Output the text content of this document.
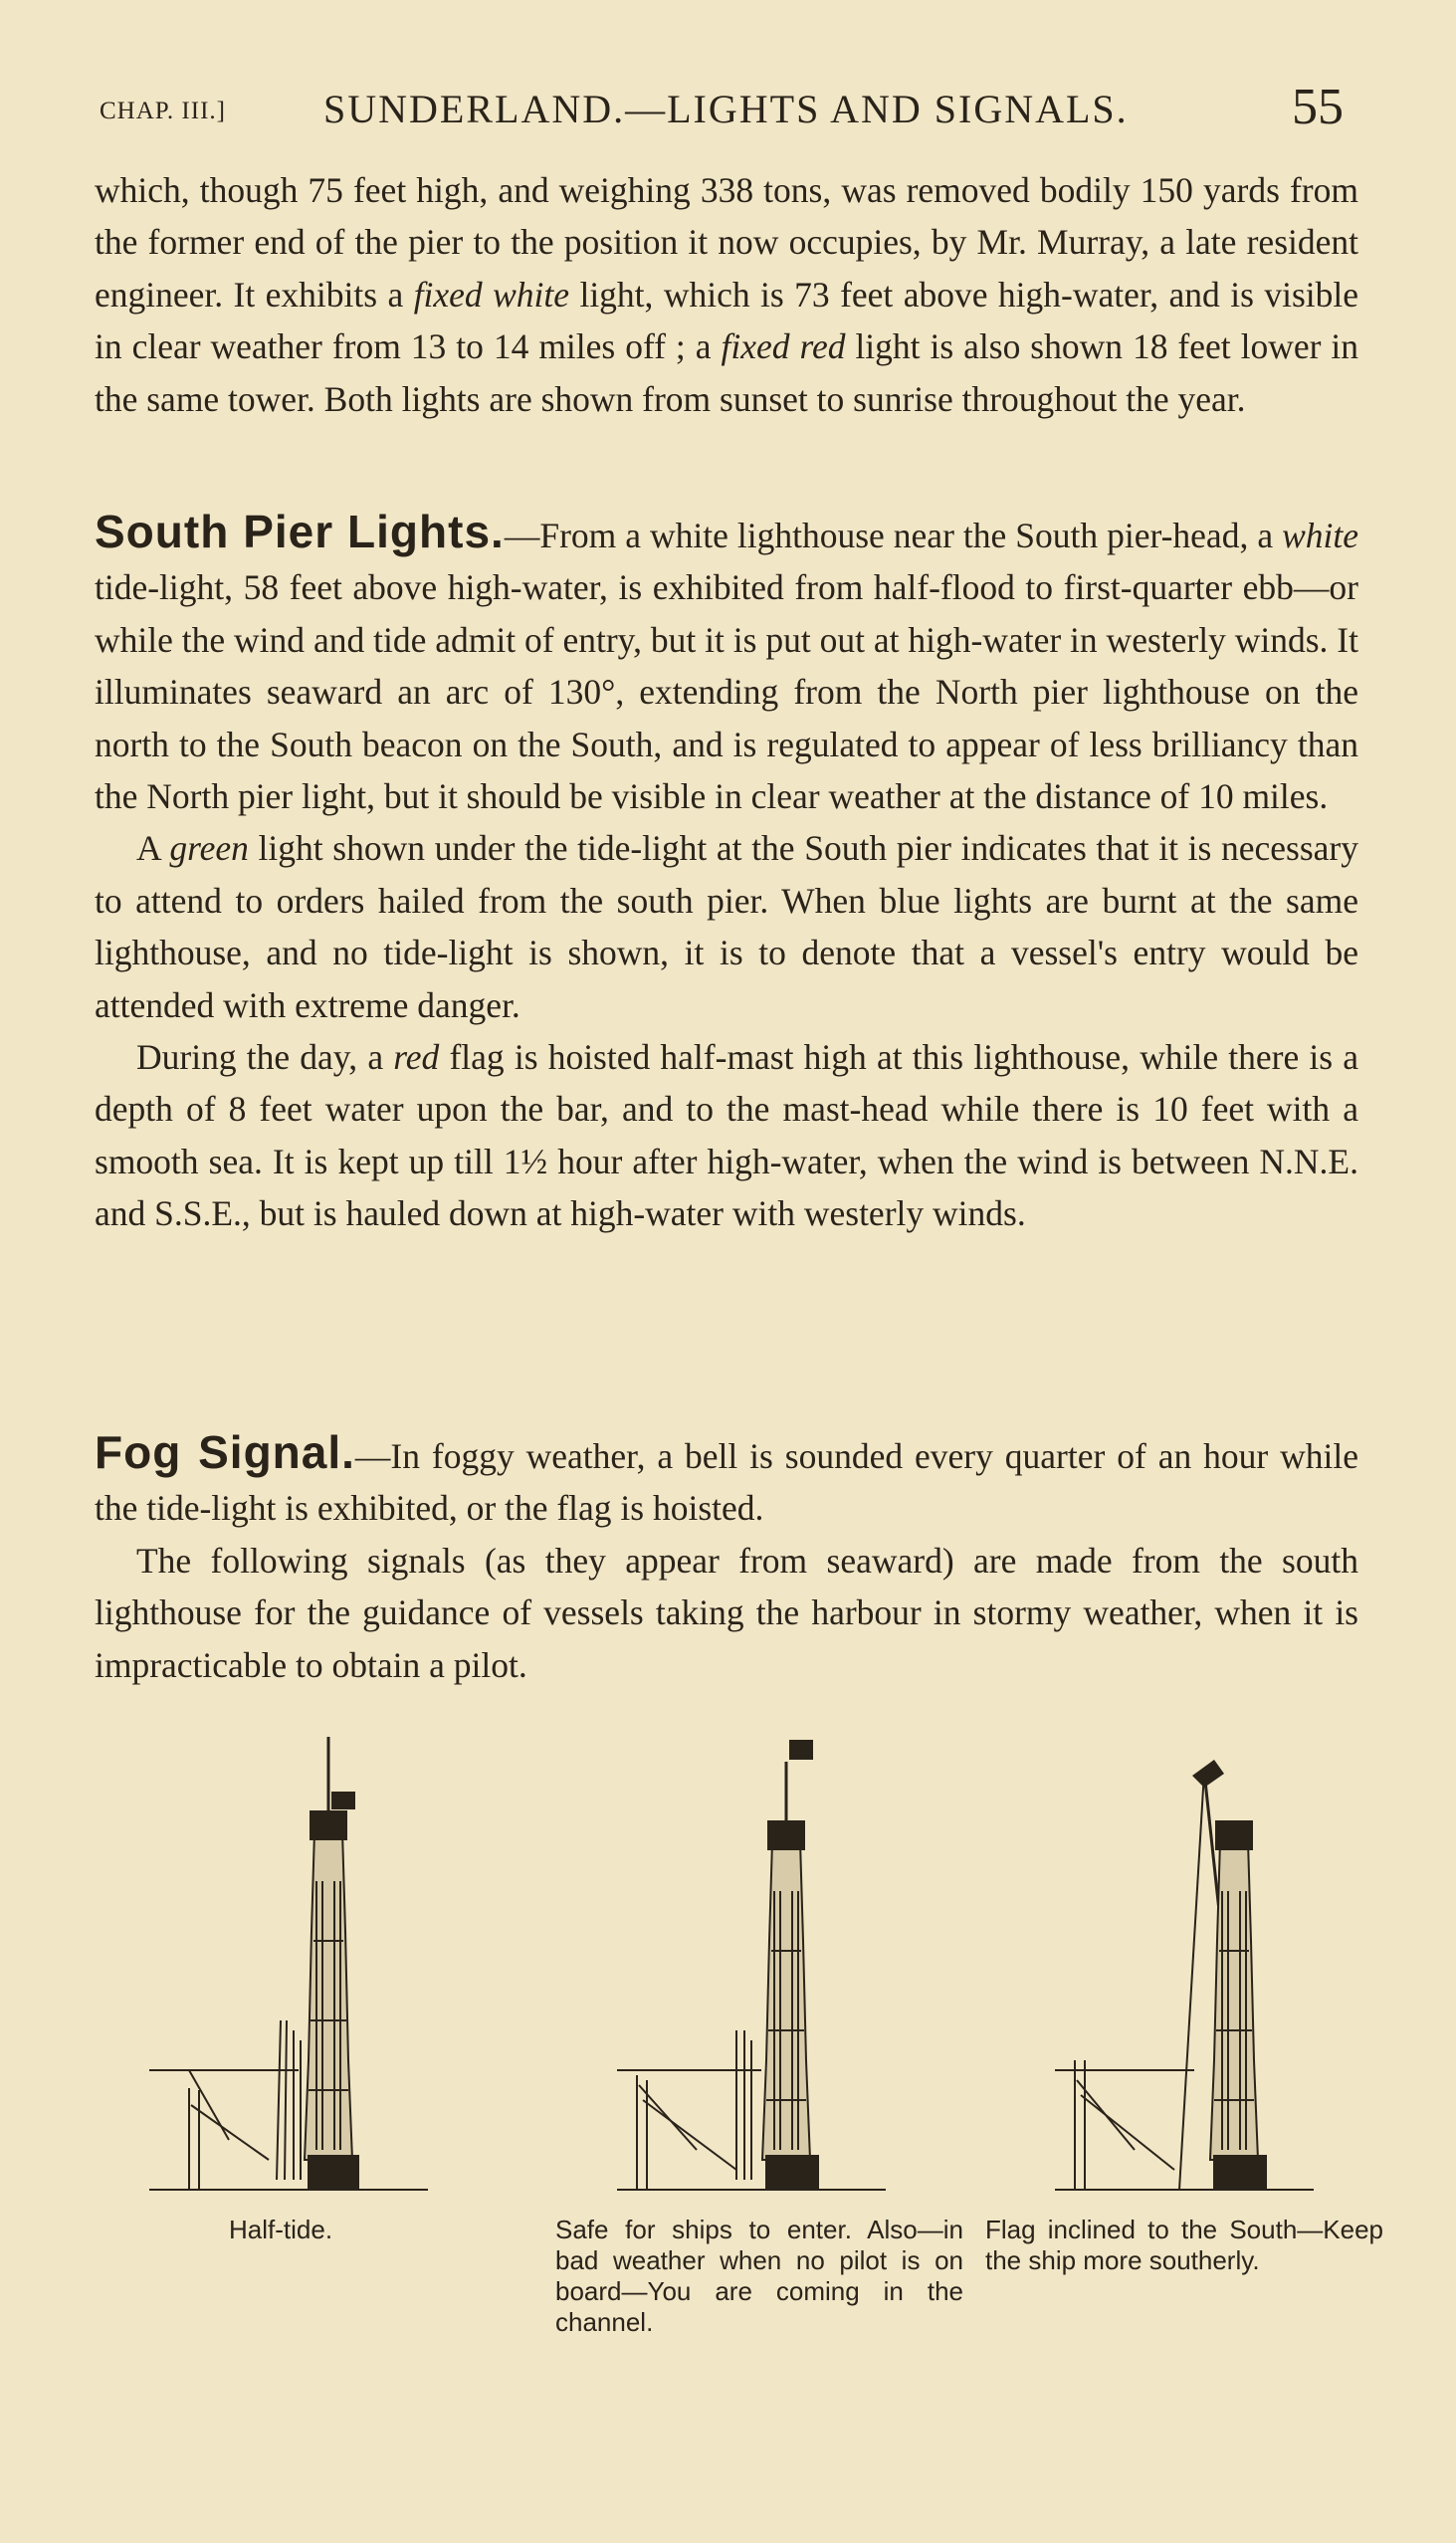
CHAP. III.] SUNDERLAND.—LIGHTS AND SIGNALS.	55

which, though 75 feet high, and weighing 338 tons, was removed bodily 150 yards from the former end of the pier to the position it now occupies, by Mr. Murray, a late resident engineer. It exhibits a fixed white light, which is 73 feet above high-water, and is visible in clear weather from 13 to 14 miles off ; a fixed red light is also shown 18 feet lower in the same tower. Both lights are shown from sunset to sunrise throughout the year.

South Pier Lights.—From a white lighthouse near the South pier-head, a white tide-light, 58 feet above high-water, is exhibited from half-flood to first-quarter ebb—or while the wind and tide admit of entry, but it is put out at high-water in westerly winds. It illuminates seaward an arc of 130°, extending from the North pier lighthouse on the north to the South beacon on the South, and is regulated to appear of less brilliancy than the North pier light, but it should be visible in clear weather at the distance of 10 miles.

A green light shown under the tide-light at the South pier indicates that it is necessary to attend to orders hailed from the south pier. When blue lights are burnt at the same lighthouse, and no tide-light is shown, it is to denote that a vessel's entry would be attended with extreme danger.

During the day, a red flag is hoisted half-mast high at this lighthouse, while there is a depth of 8 feet water upon the bar, and to the mast-head while there is 10 feet with a smooth sea. It is kept up till 1½ hour after high-water, when the wind is between N.N.E. and S.S.E., but is hauled down at high-water with westerly winds.

Fog Signal.—In foggy weather, a bell is sounded every quarter of an hour while the tide-light is exhibited, or the flag is hoisted.

The following signals (as they appear from seaward) are made from the south lighthouse for the guidance of vessels taking the harbour in stormy weather, when it is impracticable to obtain a pilot.

Half-tide.	Safe for ships to enter. Also—in bad weather when no pilot is on board—You are coming in the channel.
Flag inclined to the South—Keep the ship more southerly.
